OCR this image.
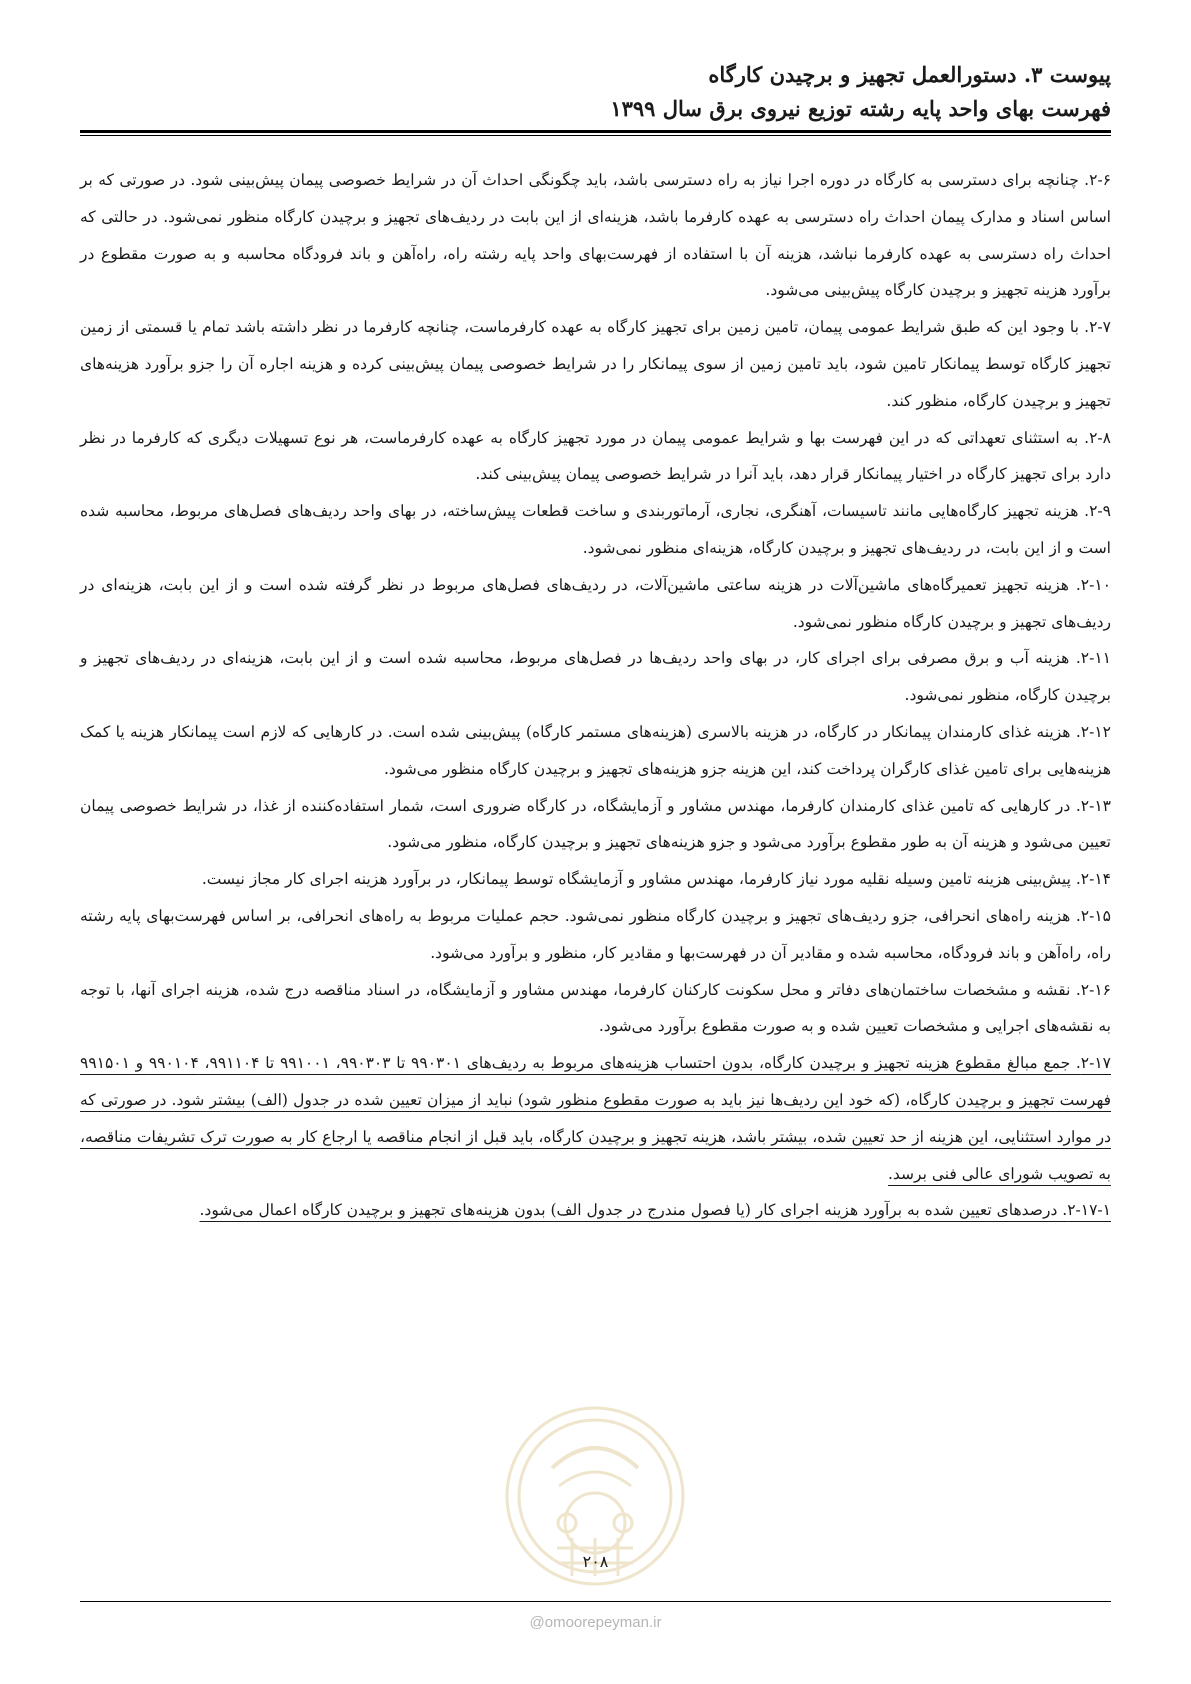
پیوست ۳. دستورالعمل تجهیز و برچیدن کارگاه
فهرست بهای واحد پایه رشته توزیع نیروی برق سال ۱۳۹۹

۲-۶. چنانچه برای دسترسی به کارگاه در دوره اجرا نیاز به راه دسترسی باشد، باید چگونگی احداث آن در شرایط خصوصی پیمان پیش‌بینی شود. در صورتی که بر اساس اسناد و مدارک پیمان احداث راه دسترسی به عهده کارفرما باشد، هزینه‌ای از این بابت در ردیف‌های تجهیز و برچیدن کارگاه منظور نمی‌شود. در حالتی که احداث راه دسترسی به عهده کارفرما نباشد، هزینه آن با استفاده از فهرست‌بهای واحد پایه رشته راه، راه‌آهن و باند فرودگاه محاسبه و به صورت مقطوع در برآورد هزینه تجهیز و برچیدن کارگاه پیش‌بینی می‌شود.

۲-۷. با وجود این که طبق شرایط عمومی پیمان، تامین زمین برای تجهیز کارگاه به عهده کارفرماست، چنانچه کارفرما در نظر داشته باشد تمام یا قسمتی از زمین تجهیز کارگاه توسط پیمانکار تامین شود، باید تامین زمین از سوی پیمانکار را در شرایط خصوصی پیمان پیش‌بینی کرده و هزینه اجاره آن را جزو برآورد هزینه‌های تجهیز و برچیدن کارگاه، منظور کند.

۲-۸. به استثنای تعهداتی که در این فهرست بها و شرایط عمومی پیمان در مورد تجهیز کارگاه به عهده کارفرماست، هر نوع تسهیلات دیگری که کارفرما در نظر دارد برای تجهیز کارگاه در اختیار پیمانکار قرار دهد، باید آنرا در شرایط خصوصی پیمان پیش‌بینی کند.

۲-۹. هزینه تجهیز کارگاه‌هایی مانند تاسیسات، آهنگری، نجاری، آرماتوربندی و ساخت قطعات پیش‌ساخته، در بهای واحد ردیف‌های فصل‌های مربوط، محاسبه شده است و از این بابت، در ردیف‌های تجهیز و برچیدن کارگاه، هزینه‌ای منظور نمی‌شود.

۲-۱۰. هزینه تجهیز تعمیرگاه‌های ماشین‌آلات در هزینه ساعتی ماشین‌آلات، در ردیف‌های فصل‌های مربوط در نظر گرفته شده است و از این بابت، هزینه‌ای در ردیف‌های تجهیز و برچیدن کارگاه منظور نمی‌شود.

۲-۱۱. هزینه آب و برق مصرفی برای اجرای کار، در بهای واحد ردیف‌ها در فصل‌های مربوط، محاسبه شده است و از این بابت، هزینه‌ای در ردیف‌های تجهیز و برچیدن کارگاه، منظور نمی‌شود.

۲-۱۲. هزینه غذای کارمندان پیمانکار در کارگاه، در هزینه بالاسری (هزینه‌های مستمر کارگاه) پیش‌بینی شده است. در کارهایی که لازم است پیمانکار هزینه یا کمک هزینه‌هایی برای تامین غذای کارگران پرداخت کند، این هزینه جزو هزینه‌های تجهیز و برچیدن کارگاه منظور می‌شود.

۲-۱۳. در کارهایی که تامین غذای کارمندان کارفرما، مهندس مشاور و آزمایشگاه، در کارگاه ضروری است، شمار استفاده‌کننده از غذا، در شرایط خصوصی پیمان تعیین می‌شود و هزینه آن به طور مقطوع برآورد می‌شود و جزو هزینه‌های تجهیز و برچیدن کارگاه، منظور می‌شود.

۲-۱۴. پیش‌بینی هزینه تامین وسیله نقلیه مورد نیاز کارفرما، مهندس مشاور و آزمایشگاه توسط پیمانکار، در برآورد هزینه اجرای کار مجاز نیست.

۲-۱۵. هزینه راه‌های انحرافی، جزو ردیف‌های تجهیز و برچیدن کارگاه منظور نمی‌شود. حجم عملیات مربوط به راه‌های انحرافی، بر اساس فهرست‌بهای پایه رشته راه، راه‌آهن و باند فرودگاه، محاسبه شده و مقادیر آن در فهرست‌بها و مقادیر کار، منظور و برآورد می‌شود.

۲-۱۶. نقشه و مشخصات ساختمان‌های دفاتر و محل سکونت کارکنان کارفرما، مهندس مشاور و آزمایشگاه، در اسناد مناقصه درج شده، هزینه اجرای آنها، با توجه به نقشه‌های اجرایی و مشخصات تعیین شده و به صورت مقطوع برآورد می‌شود.

۲-۱۷. جمع مبالغ مقطوع هزینه تجهیز و برچیدن کارگاه، بدون احتساب هزینه‌های مربوط به ردیف‌های ۹۹۰۳۰۱ تا ۹۹۰۳۰۳، ۹۹۱۰۰۱ تا ۹۹۱۱۰۴، ۹۹۰۱۰۴ و ۹۹۱۵۰۱ فهرست تجهیز و برچیدن کارگاه، (که خود این ردیف‌ها نیز باید به صورت مقطوع منظور شود) نباید از میزان تعیین شده در جدول (الف) بیشتر شود. در صورتی که در موارد استثنایی، این هزینه از حد تعیین شده، بیشتر باشد، هزینه تجهیز و برچیدن کارگاه، باید قبل از انجام مناقصه یا ارجاع کار به صورت ترک تشریفات مناقصه، به تصویب شورای عالی فنی برسد.

۲-۱۷-۱. درصدهای تعیین شده به برآورد هزینه اجرای کار (یا فصول مندرج در جدول الف) بدون هزینه‌های تجهیز و برچیدن کارگاه اعمال می‌شود.

۲۰۸
@omoorepeyman.ir
